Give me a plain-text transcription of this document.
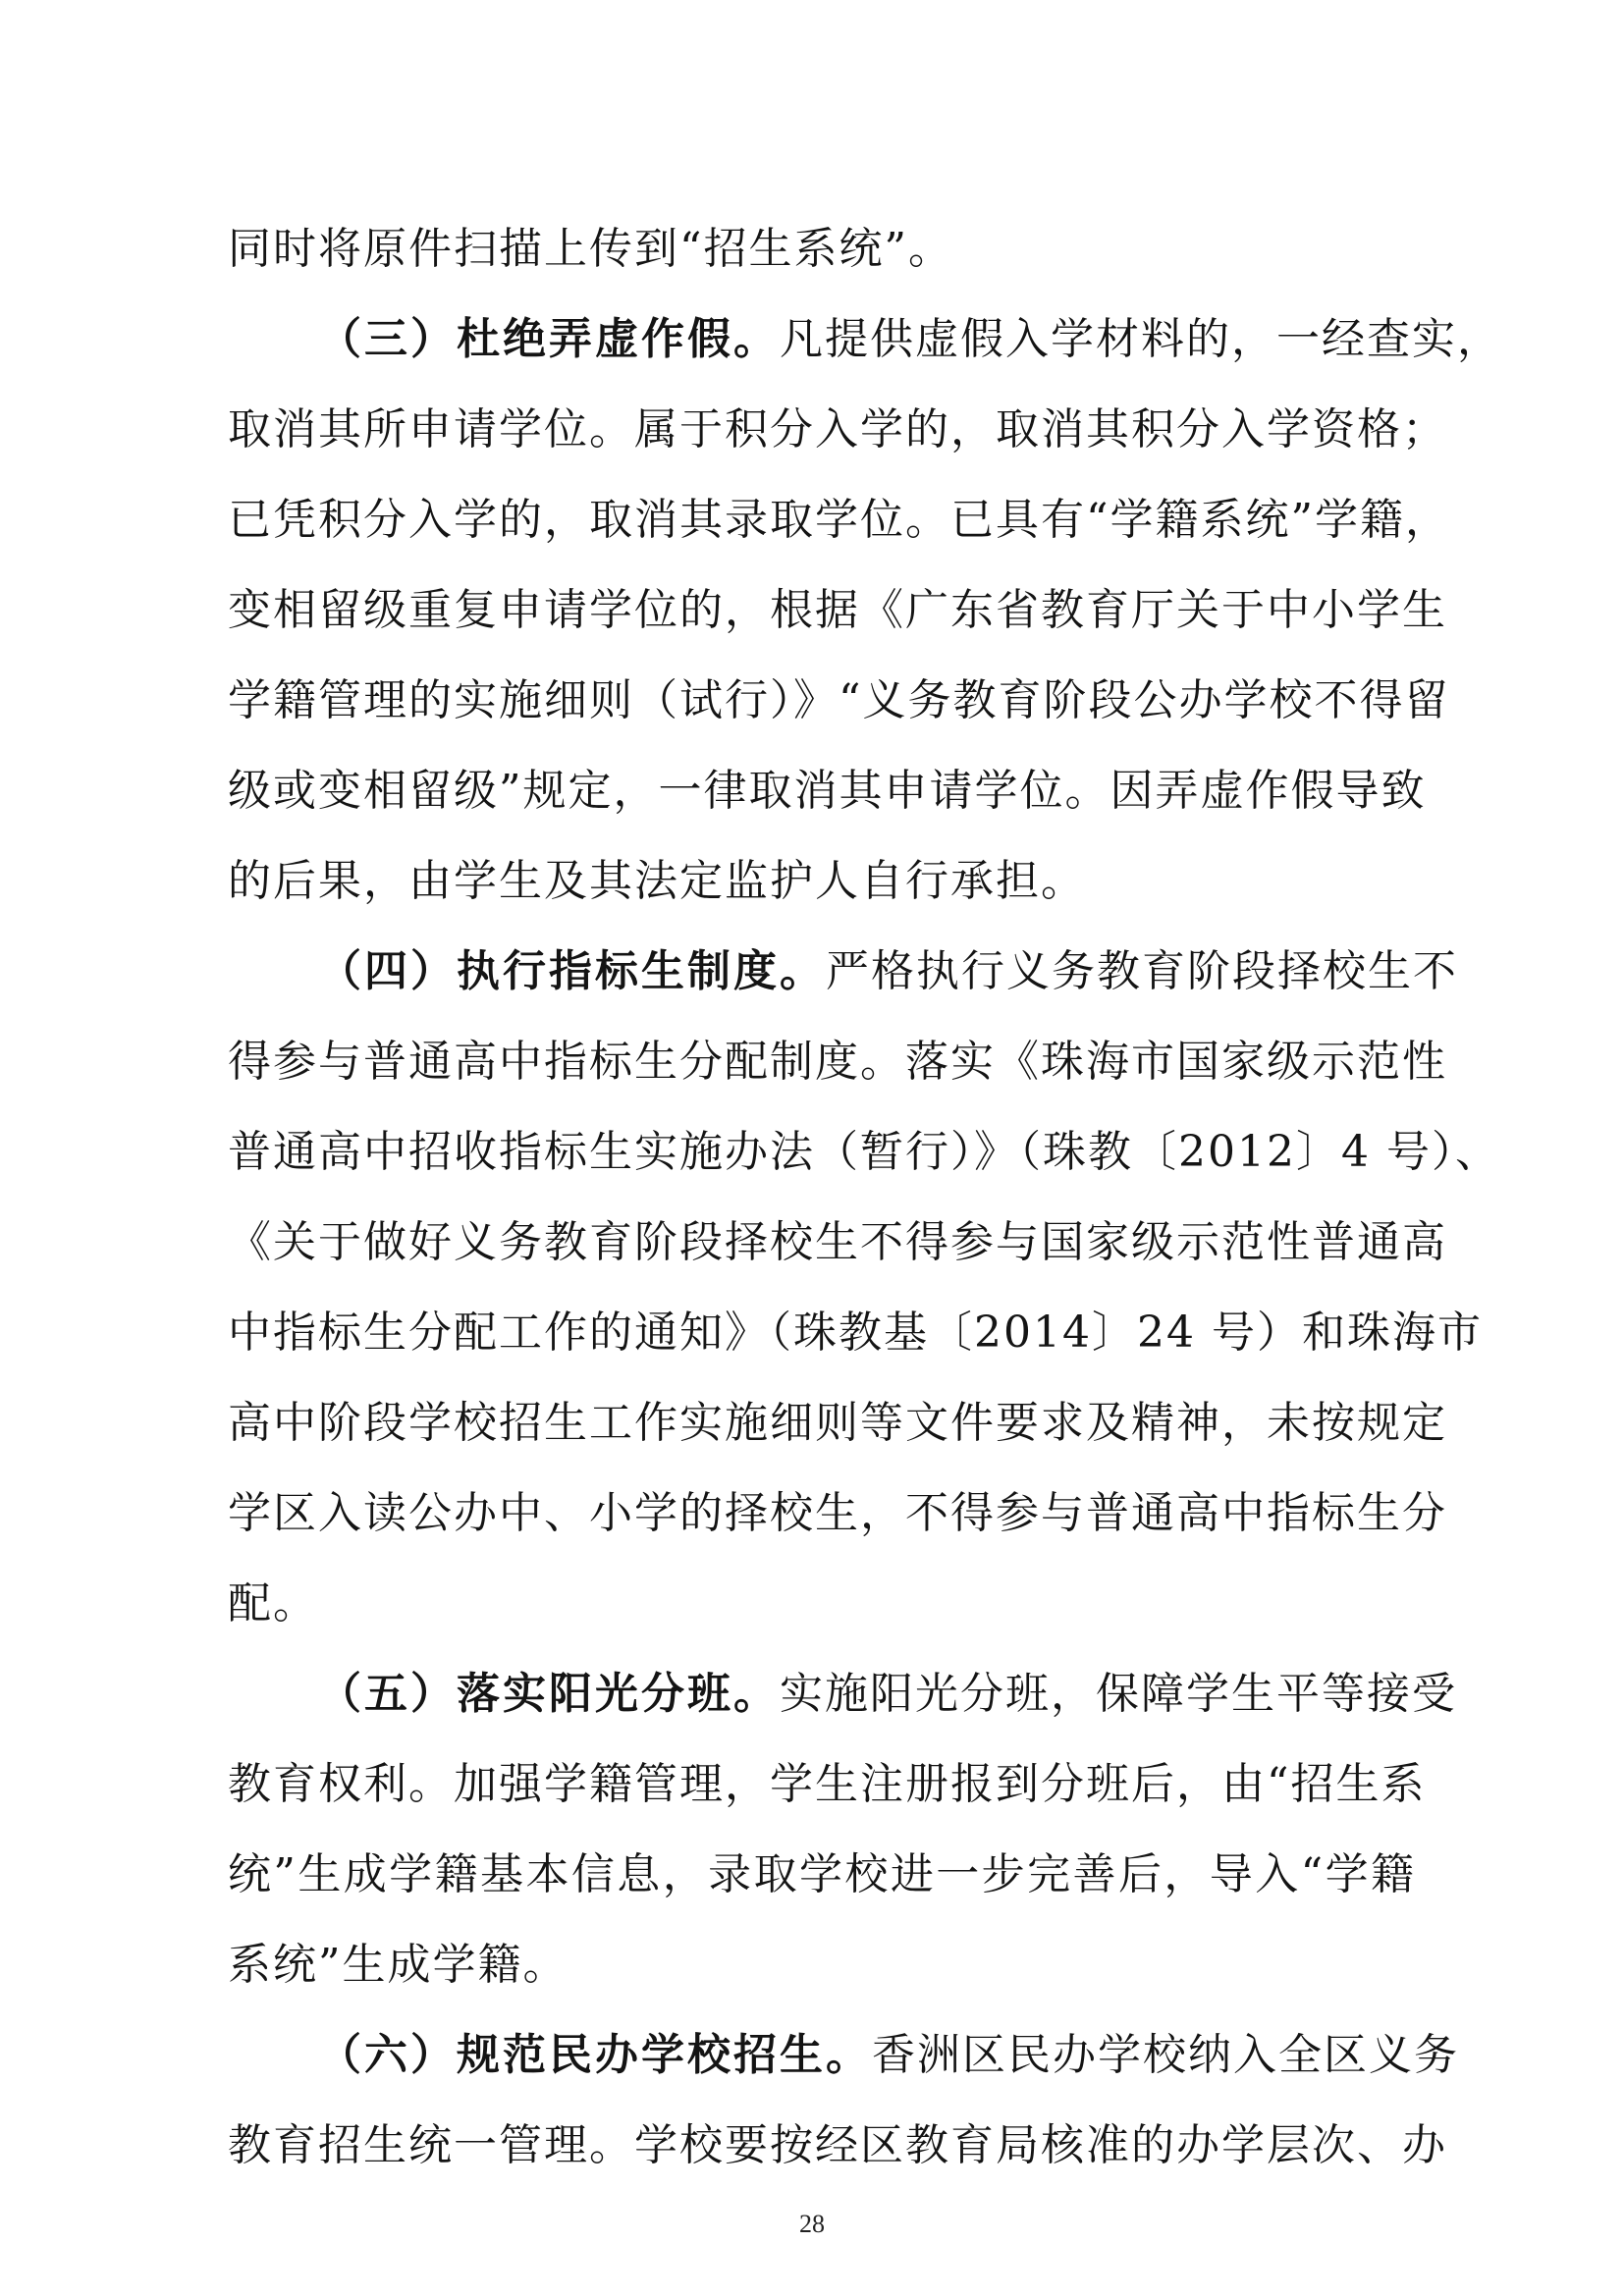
同时将原件扫描上传到“招生系统”。
（三）杜绝弄虚作假。凡提供虚假入学材料的，一经查实，
取消其所申请学位。属于积分入学的，取消其积分入学资格；
已凭积分入学的，取消其录取学位。已具有“学籍系统”学籍，
变相留级重复申请学位的，根据《广东省教育厅关于中小学生
学籍管理的实施细则（试行）》“义务教育阶段公办学校不得留
级或变相留级”规定，一律取消其申请学位。因弄虚作假导致
的后果，由学生及其法定监护人自行承担。
（四）执行指标生制度。严格执行义务教育阶段择校生不
得参与普通高中指标生分配制度。落实《珠海市国家级示范性
普通高中招收指标生实施办法（暂行）》（珠教〔2012〕4 号）、
《关于做好义务教育阶段择校生不得参与国家级示范性普通高
中指标生分配工作的通知》（珠教基〔2014〕24 号）和珠海市
高中阶段学校招生工作实施细则等文件要求及精神，未按规定
学区入读公办中、小学的择校生，不得参与普通高中指标生分
配。
（五）落实阳光分班。实施阳光分班，保障学生平等接受
教育权利。加强学籍管理，学生注册报到分班后，由“招生系
统”生成学籍基本信息，录取学校进一步完善后，导入“学籍
系统”生成学籍。
（六）规范民办学校招生。香洲区民办学校纳入全区义务
教育招生统一管理。学校要按经区教育局核准的办学层次、办
28
